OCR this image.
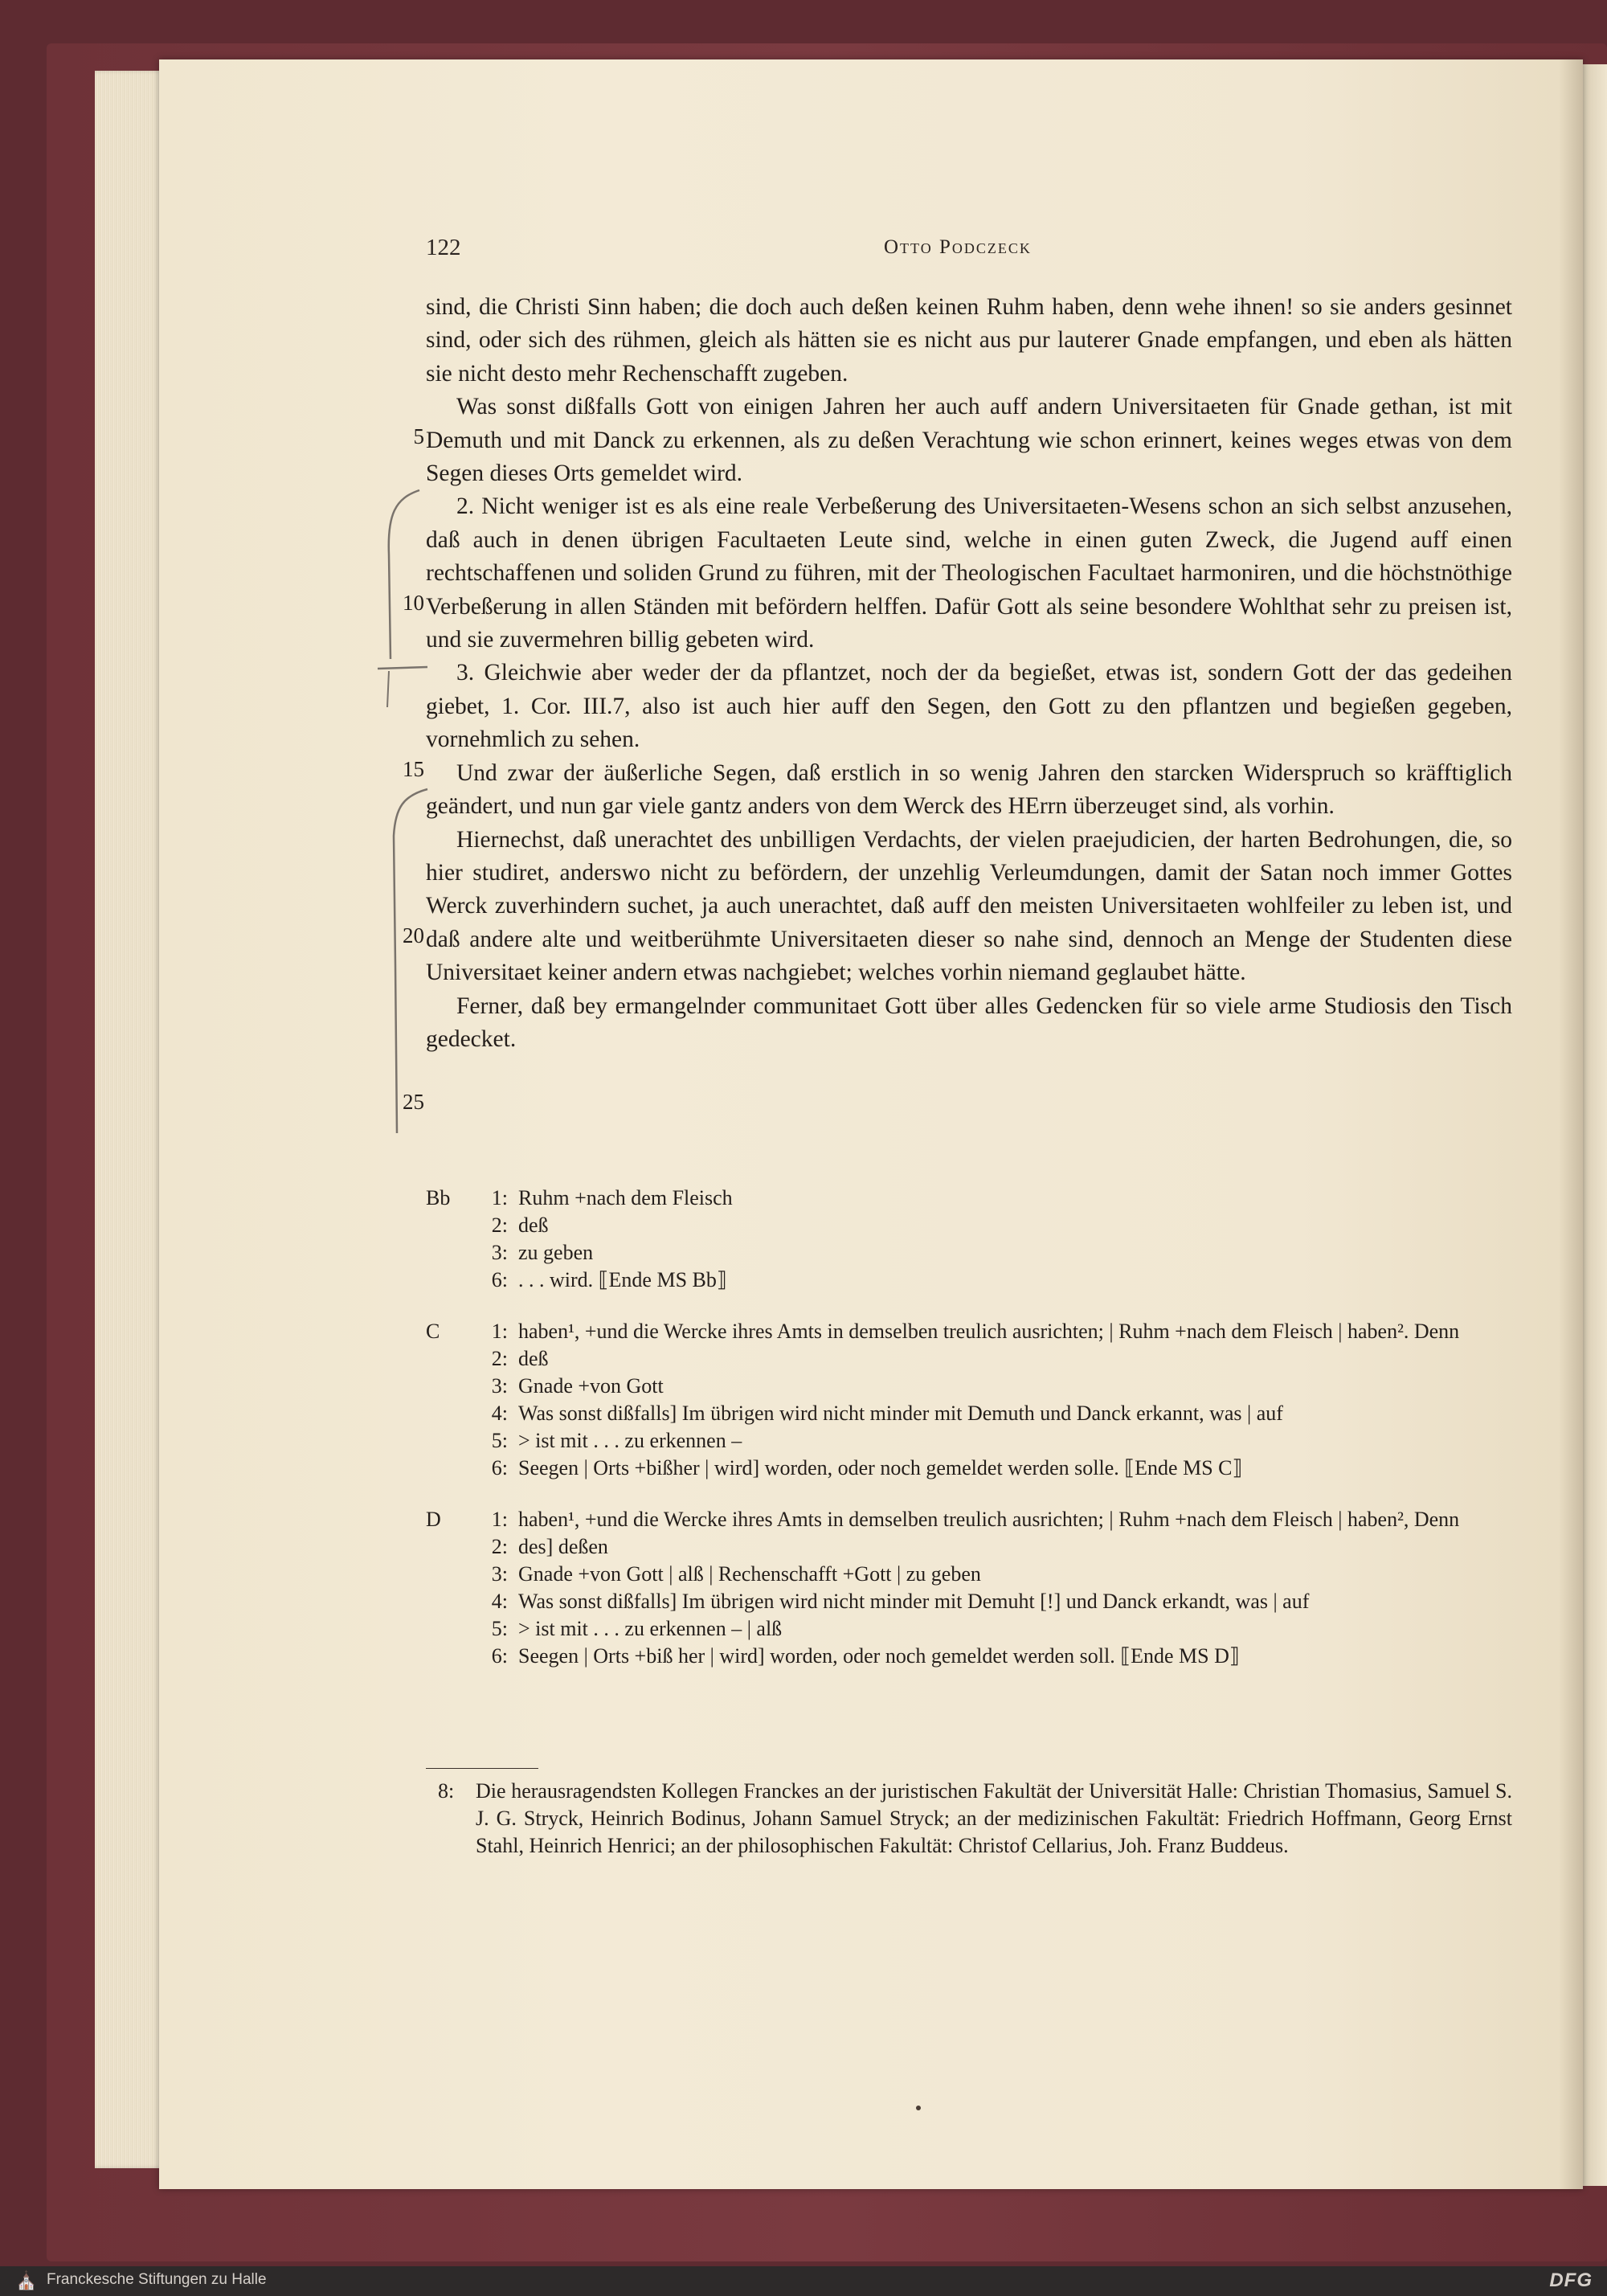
122	Otto Podczeck
5
10
15
20
25

sind, die Christi Sinn haben; die doch auch deßen keinen Ruhm haben, denn wehe ihnen! so sie anders gesinnet sind, oder sich des rühmen, gleich als hätten sie es nicht aus pur lauterer Gnade empfangen, und eben als hätten sie nicht desto mehr Rechenschafft zugeben.

Was sonst dißfalls Gott von einigen Jahren her auch auff andern Universitaeten für Gnade gethan, ist mit Demuth und mit Danck zu erkennen, als zu deßen Verachtung wie schon erinnert, keines weges etwas von dem Segen dieses Orts gemeldet wird.

2. Nicht weniger ist es als eine reale Verbeßerung des Universitaeten-Wesens schon an sich selbst anzusehen, daß auch in denen übrigen Facultaeten Leute sind, welche in einen guten Zweck, die Jugend auff einen rechtschaffenen und soliden Grund zu führen, mit der Theologischen Facultaet harmoniren, und die höchstnöthige Verbeßerung in allen Ständen mit befördern helffen. Dafür Gott als seine besondere Wohlthat sehr zu preisen ist, und sie zuvermehren billig gebeten wird.

3. Gleichwie aber weder der da pflantzet, noch der da begießet, etwas ist, sondern Gott der das gedeihen giebet, 1. Cor. III.7, also ist auch hier auff den Segen, den Gott zu den pflantzen und begießen gegeben, vornehmlich zu sehen.

Und zwar der äußerliche Segen, daß erstlich in so wenig Jahren den starcken Widerspruch so kräfftiglich geändert, und nun gar viele gantz anders von dem Werck des HErrn überzeuget sind, als vorhin.

Hiernechst, daß unerachtet des unbilligen Verdachts, der vielen praejudicien, der harten Bedrohungen, die, so hier studiret, anderswo nicht zu befördern, der unzehlig Verleumdungen, damit der Satan noch immer Gottes Werck zuverhindern suchet, ja auch unerachtet, daß auff den meisten Universitaeten wohlfeiler zu leben ist, und daß andere alte und weitberühmte Universitaeten dieser so nahe sind, dennoch an Menge der Studenten diese Universitaet keiner andern etwas nachgiebet; welches vorhin niemand geglaubet hätte.

Ferner, daß bey ermangelnder communitaet Gott über alles Gedencken für so viele arme Studiosis den Tisch gedecket.

Bb	1: Ruhm +nach dem Fleisch
2: deß
3: zu geben
6: . . . wird. ⟦Ende MS Bb⟧
C	1: haben¹, +und die Wercke ihres Amts in demselben treulich ausrichten; | Ruhm +nach dem Fleisch | haben². Denn
2: deß
3: Gnade +von Gott
4: Was sonst dißfalls] Im übrigen wird nicht minder mit Demuth und Danck erkannt, was | auf
5: > ist mit . . . zu erkennen –
6: Seegen | Orts +bißher | wird] worden, oder noch gemeldet werden solle. ⟦Ende MS C⟧
D	1: haben¹, +und die Wercke ihres Amts in demselben treulich ausrichten; | Ruhm +nach dem Fleisch | haben², Denn
2: des] deßen
3: Gnade +von Gott | alß | Rechenschafft +Gott | zu geben
4: Was sonst dißfalls] Im übrigen wird nicht minder mit Demuht [!] und Danck erkandt, was | auf
5: > ist mit . . . zu erkennen – | alß
6: Seegen | Orts +biß her | wird] worden, oder noch gemeldet werden soll. ⟦Ende MS D⟧
8: Die herausragendsten Kollegen Franckes an der juristischen Fakultät der Universität Halle: Christian Thomasius, Samuel S. J. G. Stryck, Heinrich Bodinus, Johann Samuel Stryck; an der medizinischen Fakultät: Friedrich Hoffmann, Georg Ernst Stahl, Heinrich Henrici; an der philosophischen Fakultät: Christof Cellarius, Joh. Franz Buddeus.
⛪ Franckesche Stiftungen zu Halle	DFG
